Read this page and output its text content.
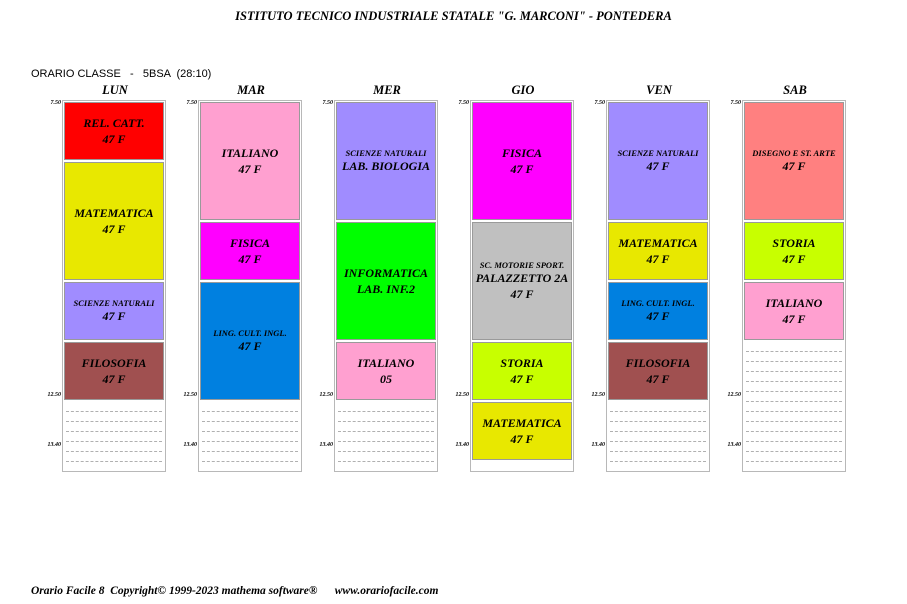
ISTITUTO TECNICO INDUSTRIALE STATALE "G. MARCONI" - PONTEDERA
ORARIO CLASSE   -   5BSA  (28:10)
LUN
7.50
12.50
13.40
REL. CATT.
47 F
MATEMATICA
47 F
SCIENZE NATURALI
47 F
FILOSOFIA
47 F
MAR
7.50
12.50
13.40
ITALIANO
47 F
FISICA
47 F
LING. CULT. INGL.
47 F
MER
7.50
12.50
13.40
SCIENZE NATURALI
LAB. BIOLOGIA
INFORMATICA
LAB. INF.2
ITALIANO
05
GIO
7.50
12.50
13.40
FISICA
47 F
SC. MOTORIE SPORT.
PALAZZETTO 2A
47 F
STORIA
47 F
MATEMATICA
47 F
VEN
7.50
12.50
13.40
SCIENZE NATURALI
47 F
MATEMATICA
47 F
LING. CULT. INGL.
47 F
FILOSOFIA
47 F
SAB
7.50
12.50
13.40
DISEGNO E ST. ARTE
47 F
STORIA
47 F
ITALIANO
47 F
Orario Facile 8  Copyright© 1999-2023 mathema software®      www.orariofacile.com
